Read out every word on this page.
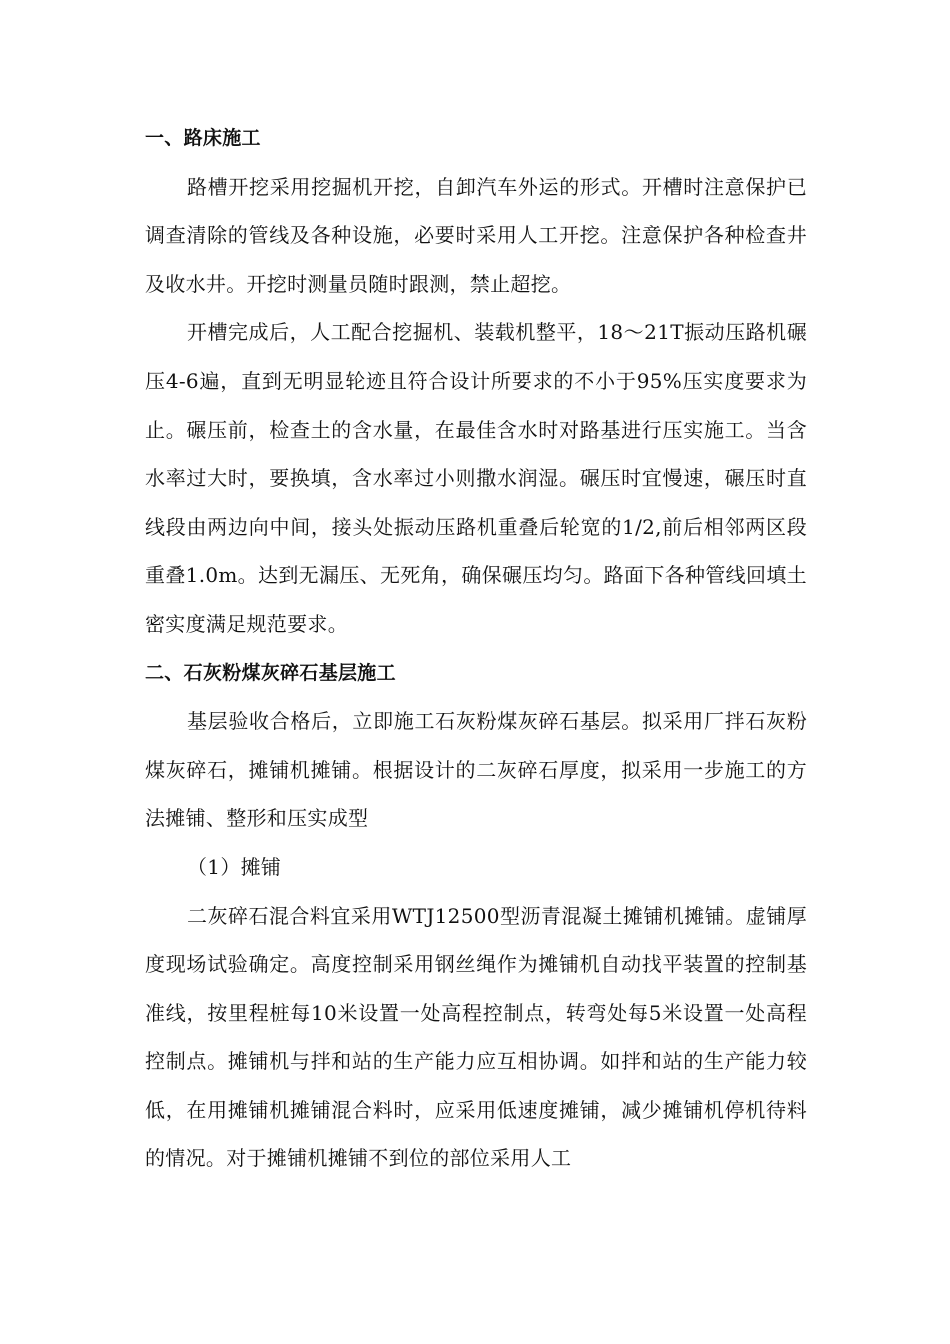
一、路床施工

路槽开挖采用挖掘机开挖，自卸汽车外运的形式。开槽时注意保护已调查清除的管线及各种设施，必要时采用人工开挖。注意保护各种检查井及收水井。开挖时测量员随时跟测，禁止超挖。

开槽完成后，人工配合挖掘机、装载机整平，18～21T振动压路机碾压4-6遍，直到无明显轮迹且符合设计所要求的不小于95%压实度要求为止。碾压前，检查土的含水量，在最佳含水时对路基进行压实施工。当含水率过大时，要换填，含水率过小则撒水润湿。碾压时宜慢速，碾压时直线段由两边向中间，接头处振动压路机重叠后轮宽的1/2,前后相邻两区段重叠1.0m。达到无漏压、无死角，确保碾压均匀。路面下各种管线回填土密实度满足规范要求。

二、石灰粉煤灰碎石基层施工

基层验收合格后，立即施工石灰粉煤灰碎石基层。拟采用厂拌石灰粉煤灰碎石，摊铺机摊铺。根据设计的二灰碎石厚度，拟采用一步施工的方法摊铺、整形和压实成型

（1）摊铺

二灰碎石混合料宜采用WTJ12500型沥青混凝土摊铺机摊铺。虚铺厚度现场试验确定。高度控制采用钢丝绳作为摊铺机自动找平装置的控制基准线，按里程桩每10米设置一处高程控制点，转弯处每5米设置一处高程控制点。摊铺机与拌和站的生产能力应互相协调。如拌和站的生产能力较低，在用摊铺机摊铺混合料时，应采用低速度摊铺，减少摊铺机停机待料的情况。对于摊铺机摊铺不到位的部位采用人工
